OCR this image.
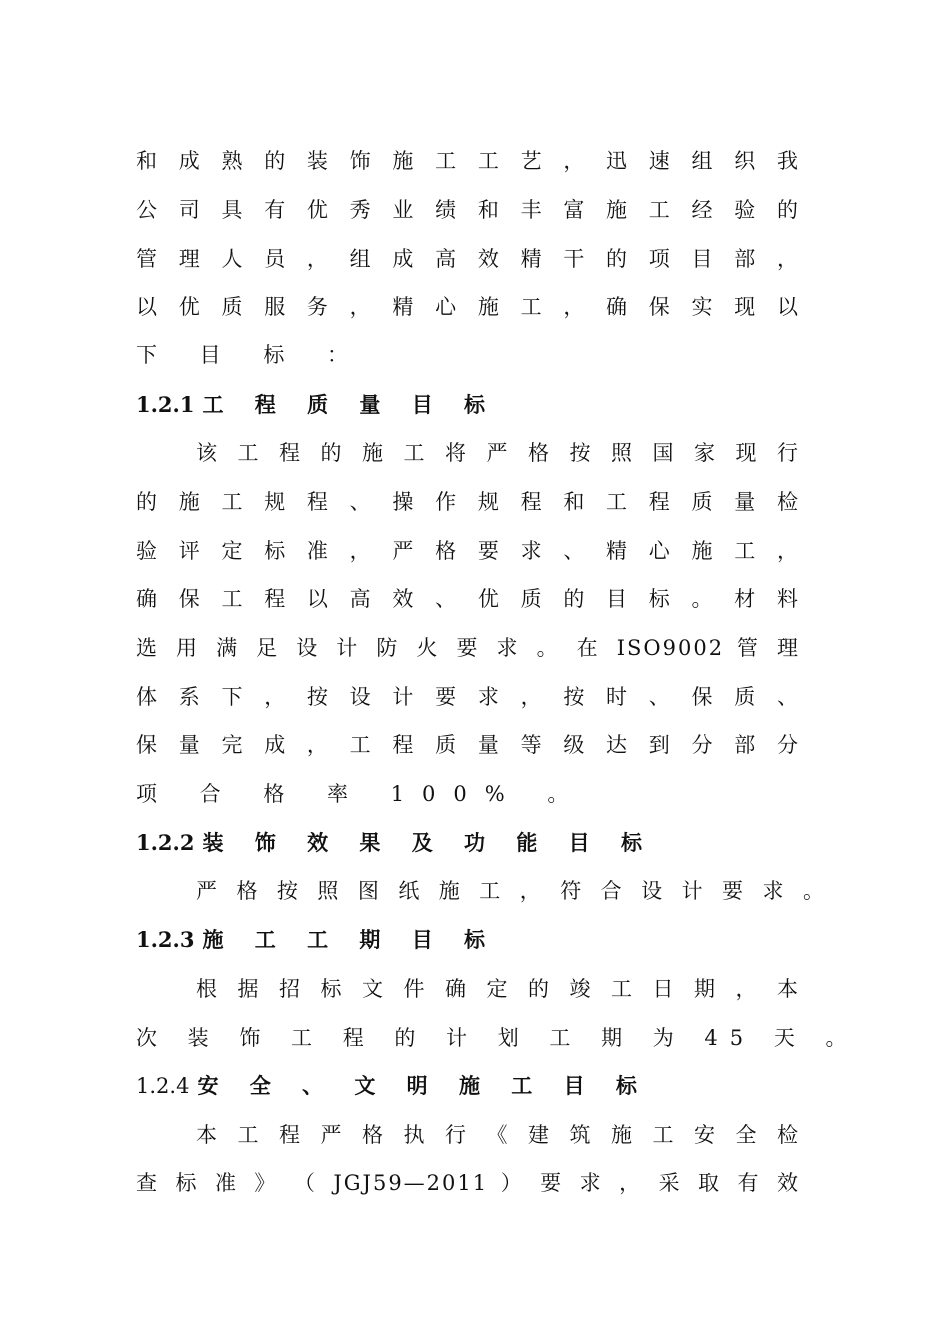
和 成 熟 的 装 饰 施 工 工 艺 ， 迅 速 组 织 我
公 司 具 有 优 秀 业 绩 和 丰 富 施 工 经 验 的
管 理 人 员 ， 组 成 高 效 精 干 的 项 目 部 ，
以 优 质 服 务 ， 精 心 施 工 ， 确 保 实 现 以
下 目 标 ：
1.2.1 工 程 质 量 目 标
该 工 程 的 施 工 将 严 格 按 照 国 家 现 行
的 施 工 规 程 、 操 作 规 程 和 工 程 质 量 检
验 评 定 标 准 ， 严 格 要 求 、 精 心 施 工 ，
确 保 工 程 以 高 效 、 优 质 的 目 标 。 材 料
选 用 满 足 设 计 防 火 要 求 。 在 ISO9002 管 理
体 系 下 ， 按 设 计 要 求 ， 按 时 、 保 质 、
保 量 完 成 ， 工 程 质 量 等 级 达 到 分 部 分
项 合 格 率 100% 。
1.2.2 装 饰 效 果 及 功 能 目 标
严 格 按 照 图 纸 施 工 ， 符 合 设 计 要 求 。
1.2.3 施 工 工 期 目 标
根 据 招 标 文 件 确 定 的 竣 工 日 期 ， 本
次 装 饰 工 程 的 计 划 工 期 为 45 天 。
1.2.4 安 全 、 文 明 施 工 目 标
本 工 程 严 格 执 行 《 建 筑 施 工 安 全 检
查 标 准 》 （ JGJ59—2011 ） 要 求 ， 采 取 有 效
